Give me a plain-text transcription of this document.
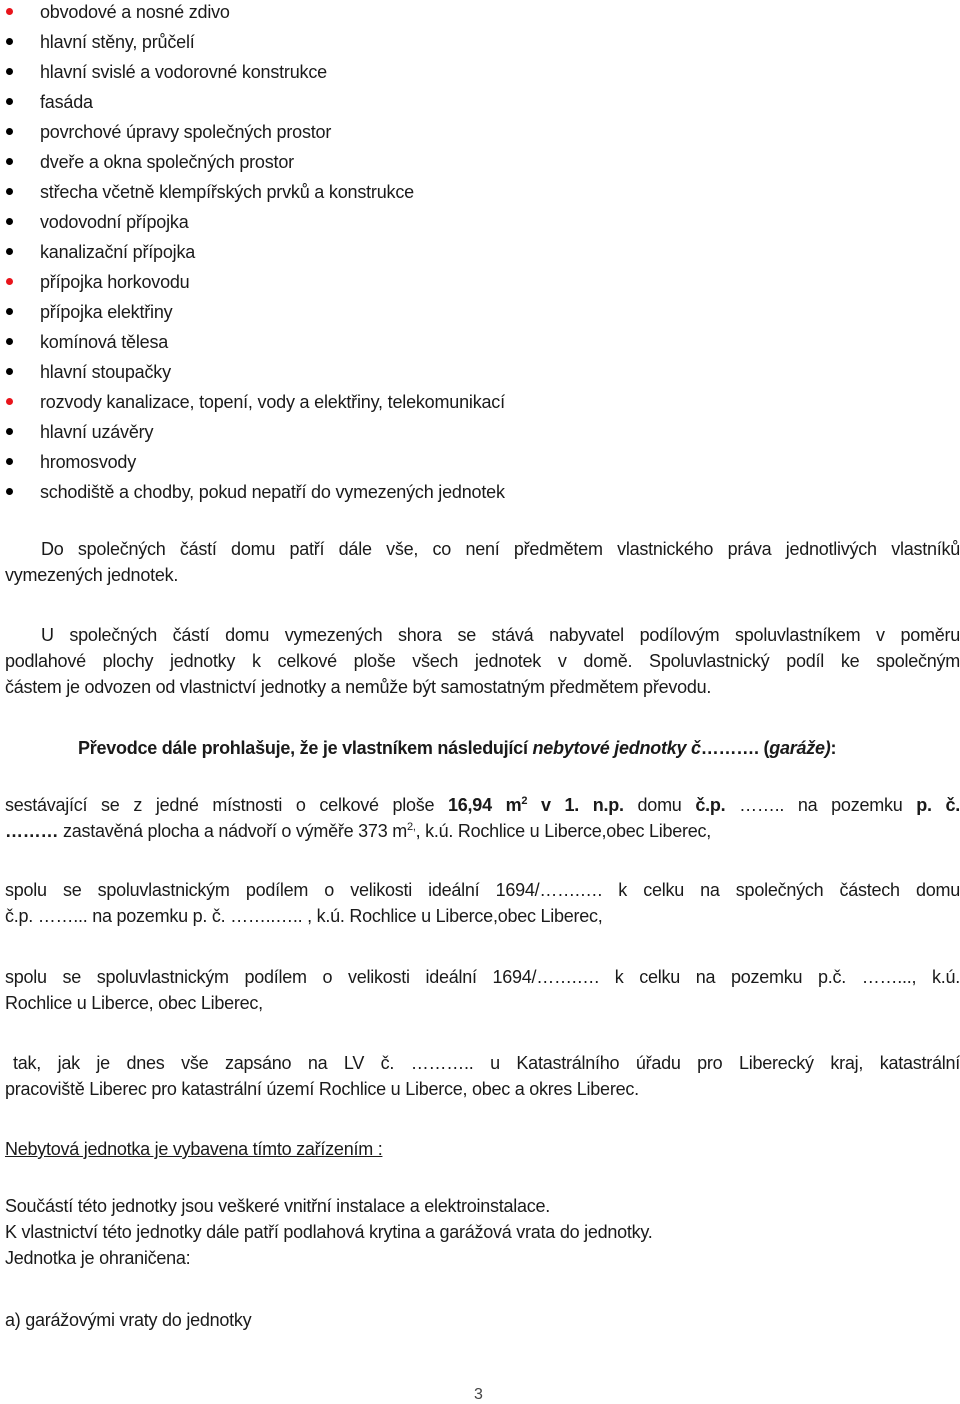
obvodové a nosné zdivo
hlavní stěny, průčelí
hlavní svislé a vodorovné konstrukce
fasáda
povrchové úpravy společných prostor
dveře a okna společných prostor
střecha včetně klempířských prvků a konstrukce
vodovodní přípojka
kanalizační přípojka
přípojka horkovodu
přípojka elektřiny
komínová tělesa
hlavní stoupačky
rozvody kanalizace, topení, vody a elektřiny, telekomunikací
hlavní uzávěry
hromosvody
schodiště a chodby, pokud nepatří do vymezených jednotek
Do společných částí domu patří dále vše, co není předmětem vlastnického práva jednotlivých vlastníků
vymezených jednotek.
U společných částí domu vymezených shora se stává nabyvatel podílovým spoluvlastníkem v poměru
podlahové plochy jednotky k celkové ploše všech jednotek v domě. Spoluvlastnický podíl ke společným
částem je odvozen od vlastnictví jednotky a nemůže být samostatným předmětem převodu.
Převodce dále prohlašuje, že je vlastníkem následující nebytové jednotky č………. (garáže):
sestávající se z jedné místnosti o celkové ploše 16,94 $m^2$ v 1. n.p. domu č.p. …….. na pozemku p. č.
……… zastavěná plocha a nádvoří o výměře 373 $m^{2,}$, k.ú. Rochlice u Liberce,obec Liberec,
spolu se spoluvlastnickým podílem o velikosti ideální 1694/…….…. k celku na společných částech domu
č.p. ……... na pozemku p. č. ……..….. , k.ú. Rochlice u Liberce,obec Liberec,
spolu se spoluvlastnickým podílem o velikosti ideální 1694/…….…. k celku na pozemku p.č. ……..., k.ú.
Rochlice u Liberce, obec Liberec,
tak, jak je dnes vše zapsáno na LV č. ……….. u Katastrálního úřadu pro Liberecký kraj, katastrální
pracoviště Liberec pro katastrální území Rochlice u Liberce, obec a okres Liberec.
Nebytová jednotka je vybavena tímto zařízením :
Součástí této jednotky jsou veškeré vnitřní instalace a elektroinstalace.
K vlastnictví této jednotky dále patří podlahová krytina a garážová vrata do jednotky.
Jednotka je ohraničena:
a) garážovými vraty do jednotky
3
